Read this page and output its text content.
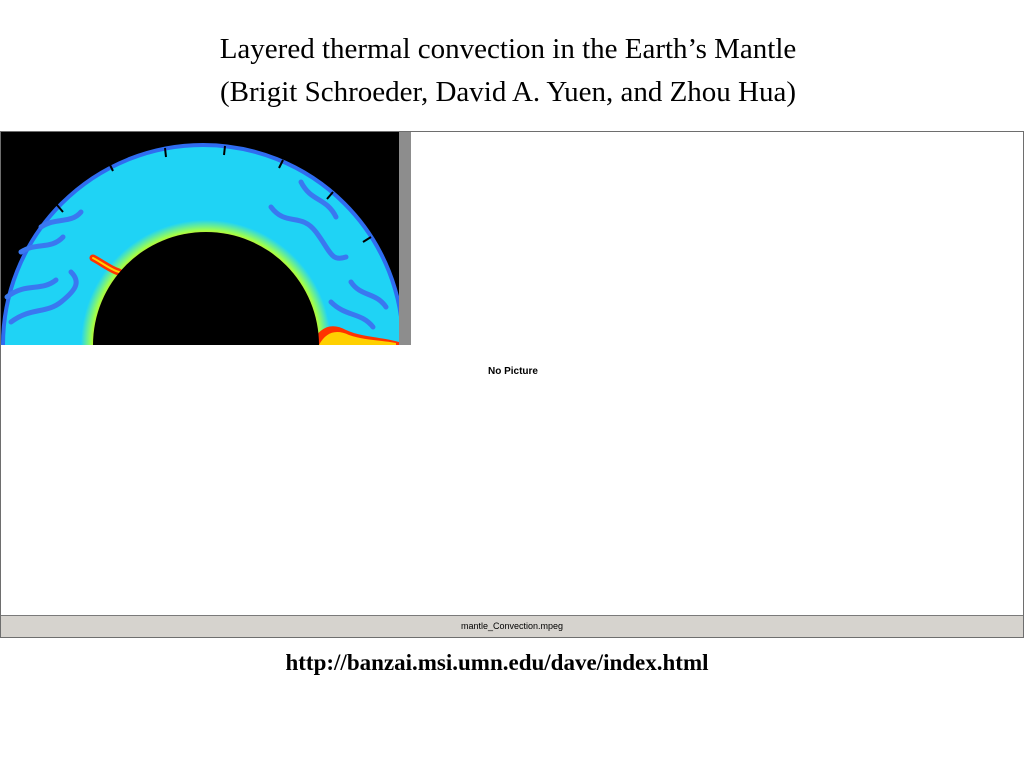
Layered thermal convection in the Earth’s Mantle
(Brigit Schroeder, David A. Yuen, and Zhou Hua)
No Picture
mantle_Convection.mpeg
http://banzai.msi.umn.edu/dave/index.html
